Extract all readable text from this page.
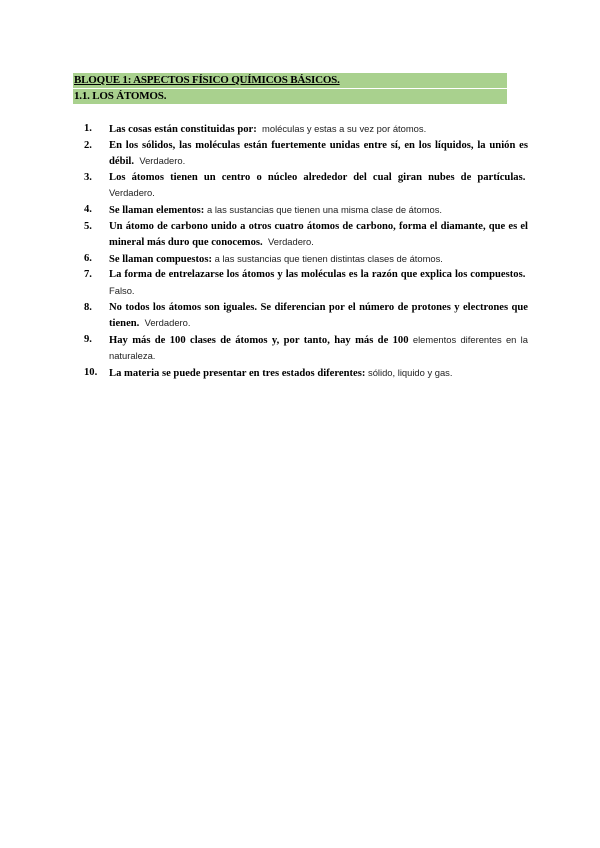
BLOQUE 1: ASPECTOS FÍSICO QUÍMICOS BÁSICOS.
1.1. LOS ÁTOMOS.
1.	Las cosas están constituidas por: moléculas y estas a su vez por átomos.
2.	En los sólidos, las moléculas están fuertemente unidas entre sí, en los líquidos, la unión es débil. Verdadero.
3.	Los átomos tienen un centro o núcleo alrededor del cual giran nubes de partículas.  Verdadero.
4.	Se llaman elementos: a las sustancias que tienen una misma clase de átomos.
5.	Un átomo de carbono unido a otros cuatro átomos de carbono, forma el diamante, que es el mineral más duro que conocemos. Verdadero.
6.	Se llaman compuestos: a las sustancias que tienen distintas clases de átomos.
7.	La forma de entrelazarse los átomos y las moléculas es la razón que explica los compuestos.  Falso.
8.	No todos los átomos son iguales. Se diferencian por el número de protones y electrones que tienen. Verdadero.
9.	Hay más de 100 clases de átomos y, por tanto, hay más de 100 elementos diferentes en la naturaleza.
10.	La materia se puede presentar en tres estados diferentes: sólido, liquido y gas.
